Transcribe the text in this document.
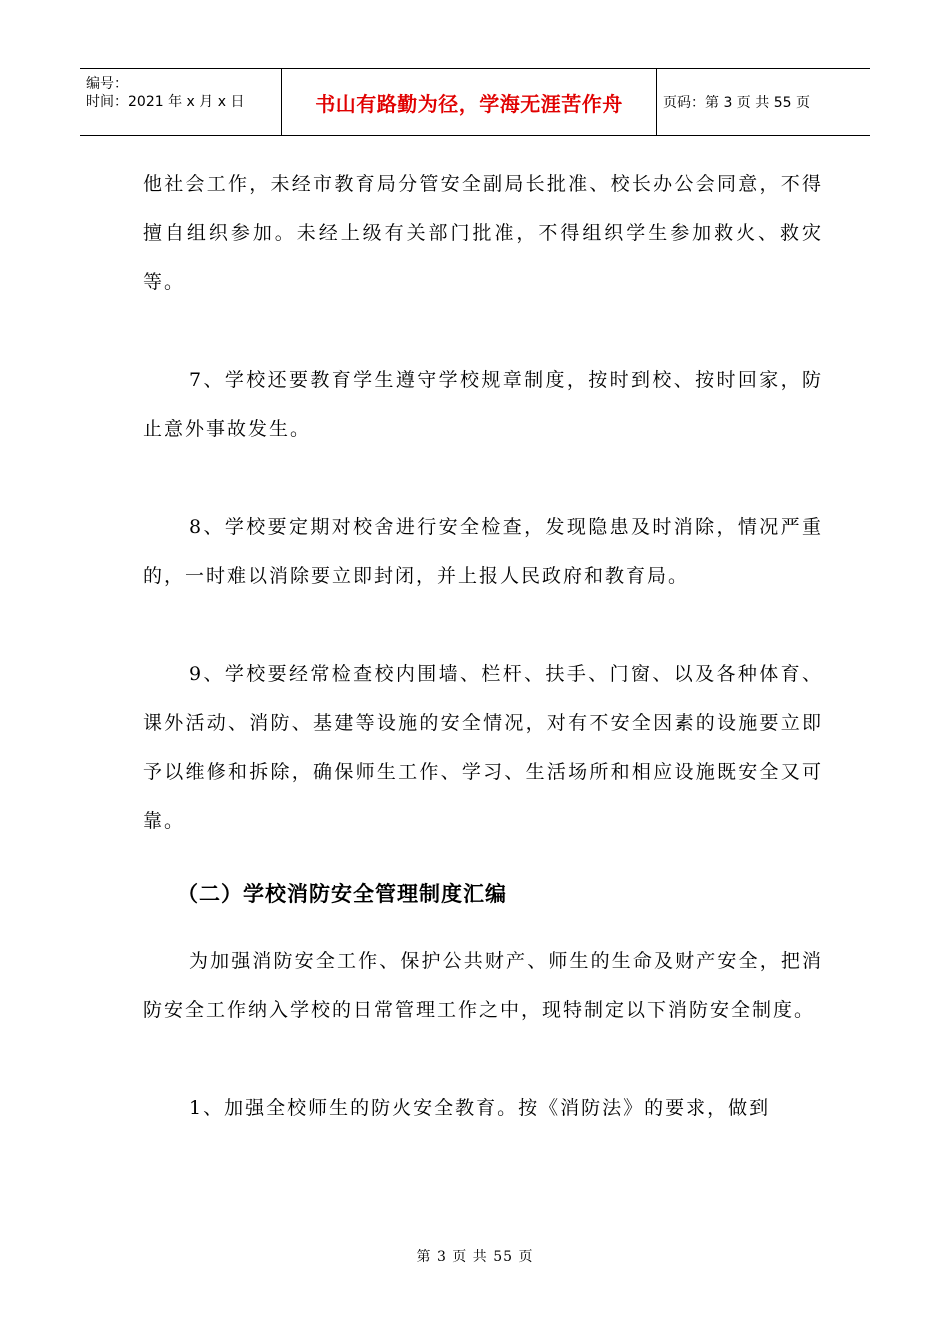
编号：
时间：2021 年 x 月 x 日	书山有路勤为径，学海无涯苦作舟	页码：第 3 页 共 55 页

他社会工作，未经市教育局分管安全副局长批准、校长办公会同意，不得擅自组织参加。未经上级有关部门批准，不得组织学生参加救火、救灾等。

7、学校还要教育学生遵守学校规章制度，按时到校、按时回家，防止意外事故发生。

8、学校要定期对校舍进行安全检查，发现隐患及时消除，情况严重的，一时难以消除要立即封闭，并上报人民政府和教育局。

9、学校要经常检查校内围墙、栏杆、扶手、门窗、以及各种体育、课外活动、消防、基建等设施的安全情况，对有不安全因素的设施要立即予以维修和拆除，确保师生工作、学习、生活场所和相应设施既安全又可靠。

（二）学校消防安全管理制度汇编

为加强消防安全工作、保护公共财产、师生的生命及财产安全，把消防安全工作纳入学校的日常管理工作之中，现特制定以下消防安全制度。

1、加强全校师生的防火安全教育。按《消防法》的要求，做到

第 3 页 共 55 页
